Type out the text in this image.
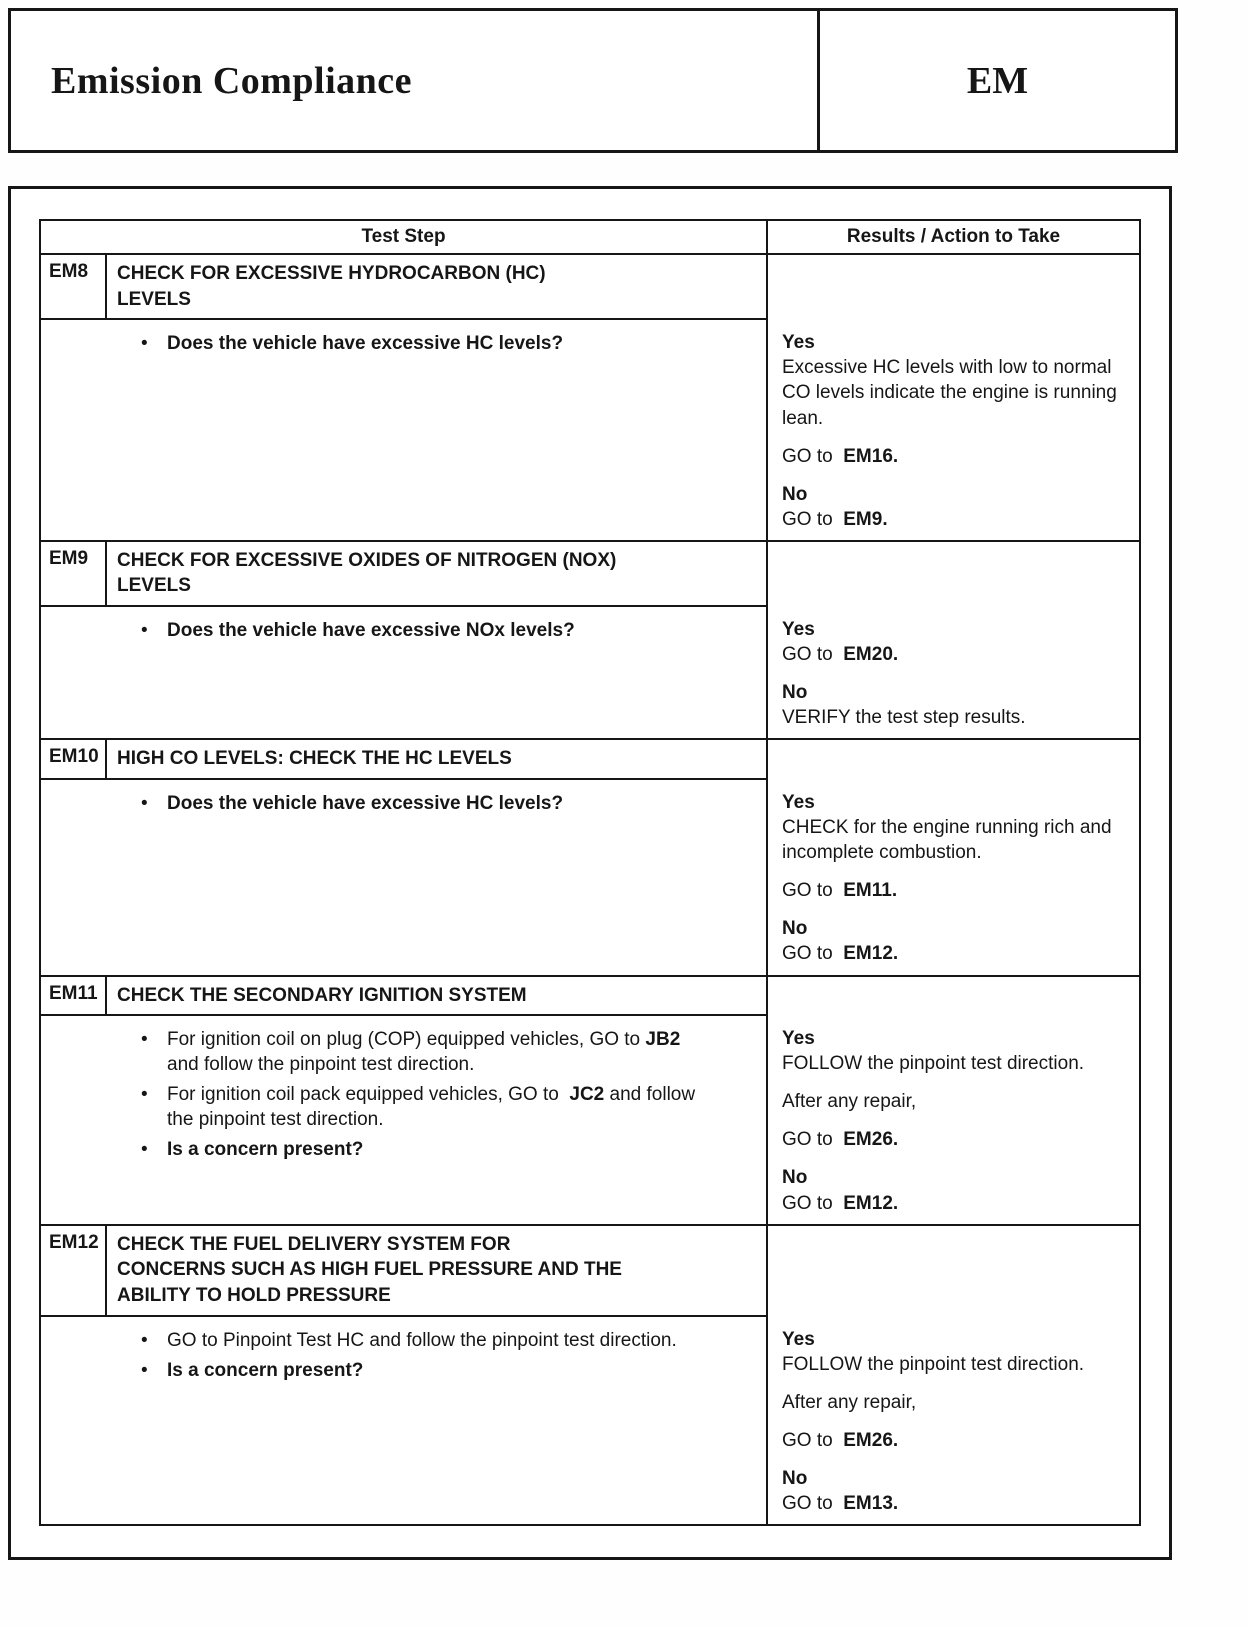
Emission Compliance	EM
Test Step	Results / Action to Take
EM8	CHECK FOR EXCESSIVE HYDROCARBON (HC) LEVELS
•	Does the vehicle have excessive HC levels?	Yes
Excessive HC levels with low to normal CO levels indicate the engine is running lean.
GO to  EM16.
No
GO to  EM9.
EM9	CHECK FOR EXCESSIVE OXIDES OF NITROGEN (NOX) LEVELS
•	Does the vehicle have excessive NOx levels?	Yes
GO to  EM20.
No
VERIFY the test step results.
EM10 HIGH CO LEVELS: CHECK THE HC LEVELS
•	Does the vehicle have excessive HC levels?	Yes
CHECK for the engine running rich and incomplete combustion.
GO to  EM11.
No
GO to  EM12.
EM11	CHECK THE SECONDARY IGNITION SYSTEM
•	For ignition coil on plug (COP) equipped vehicles, GO to JB2 and follow the pinpoint test direction.
•	For ignition coil pack equipped vehicles, GO to  JC2 and follow the pinpoint test direction.
•	Is a concern present?
Yes
FOLLOW the pinpoint test direction.
After any repair,
GO to  EM26.
No
GO to  EM12.
EM12 CHECK THE FUEL DELIVERY SYSTEM FOR CONCERNS SUCH AS HIGH FUEL PRESSURE AND THE ABILITY TO HOLD PRESSURE
•	GO to Pinpoint Test HC and follow the pinpoint test direction.
•	Is a concern present?
Yes
FOLLOW the pinpoint test direction.
After any repair,
GO to  EM26.
No
GO to  EM13.
